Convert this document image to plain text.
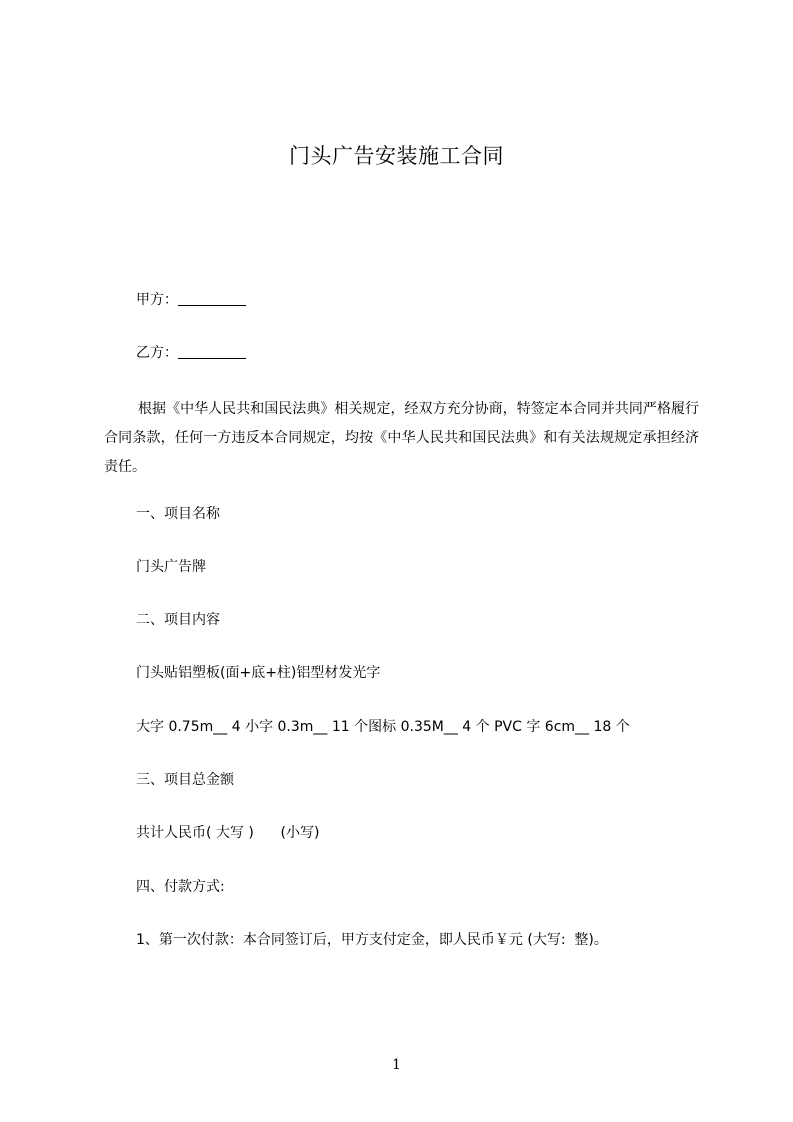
门头广告安装施工合同
甲方：
乙方：
根据《中华人民共和国民法典》相关规定，经双方充分协商，特签定本合同并共同严格履行合同条款，任何一方违反本合同规定，均按《中华人民共和国民法典》和有关法规规定承担经济责任。
一、项目名称
门头广告牌
二、项目内容
门头贴铝塑板(面+底+柱)铝型材发光字
大字 0.75m__ 4 小字 0.3m__ 11 个图标 0.35M__ 4 个 PVC 字 6cm__ 18 个
三、项目总金额
共计人民币( 大写 )      (小写)
四、付款方式:
1、第一次付款：本合同签订后，甲方支付定金，即人民币￥元 (大写:  整)。
1
